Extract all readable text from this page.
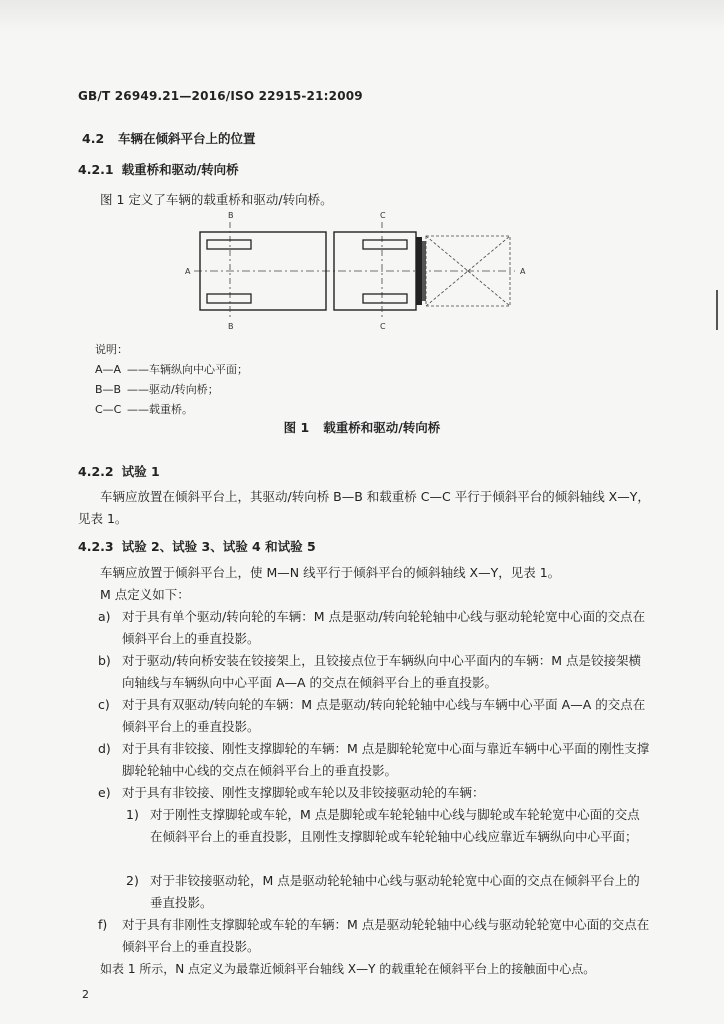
GB/T 26949.21—2016/ISO 22915-21:2009
4.2 车辆在倾斜平台上的位置
4.2.1 载重桥和驱动/转向桥
图 1 定义了车辆的载重桥和驱动/转向桥。
B	C
B	C
A	A
说明：
A—A ——车辆纵向中心平面；
B—B ——驱动/转向桥；
C—C ——载重桥。
图 1 载重桥和驱动/转向桥
4.2.2 试验 1
车辆应放置在倾斜平台上，其驱动/转向桥 B—B 和载重桥 C—C 平行于倾斜平台的倾斜轴线 X—Y，见表 1。
4.2.3 试验 2、试验 3、试验 4 和试验 5
车辆应放置于倾斜平台上，使 M—N 线平行于倾斜平台的倾斜轴线 X—Y，见表 1。
M 点定义如下：
a) 对于具有单个驱动/转向轮的车辆：M 点是驱动/转向轮轮轴中心线与驱动轮轮宽中心面的交点在倾斜平台上的垂直投影。
b) 对于驱动/转向桥安装在铰接架上，且铰接点位于车辆纵向中心平面内的车辆：M 点是铰接架横向轴线与车辆纵向中心平面 A—A 的交点在倾斜平台上的垂直投影。
c) 对于具有双驱动/转向轮的车辆：M 点是驱动/转向轮轮轴中心线与车辆中心平面 A—A 的交点在倾斜平台上的垂直投影。
d) 对于具有非铰接、刚性支撑脚轮的车辆：M 点是脚轮轮宽中心面与靠近车辆中心平面的刚性支撑脚轮轮轴中心线的交点在倾斜平台上的垂直投影。
e) 对于具有非铰接、刚性支撑脚轮或车轮以及非铰接驱动轮的车辆：
1) 对于刚性支撑脚轮或车轮，M 点是脚轮或车轮轮轴中心线与脚轮或车轮轮宽中心面的交点在倾斜平台上的垂直投影，且刚性支撑脚轮或车轮轮轴中心线应靠近车辆纵向中心平面；
2) 对于非铰接驱动轮，M 点是驱动轮轮轴中心线与驱动轮轮宽中心面的交点在倾斜平台上的垂直投影。
f) 对于具有非刚性支撑脚轮或车轮的车辆：M 点是驱动轮轮轴中心线与驱动轮轮宽中心面的交点在倾斜平台上的垂直投影。
如表 1 所示，N 点定义为最靠近倾斜平台轴线 X—Y 的载重轮在倾斜平台上的接触面中心点。
2
